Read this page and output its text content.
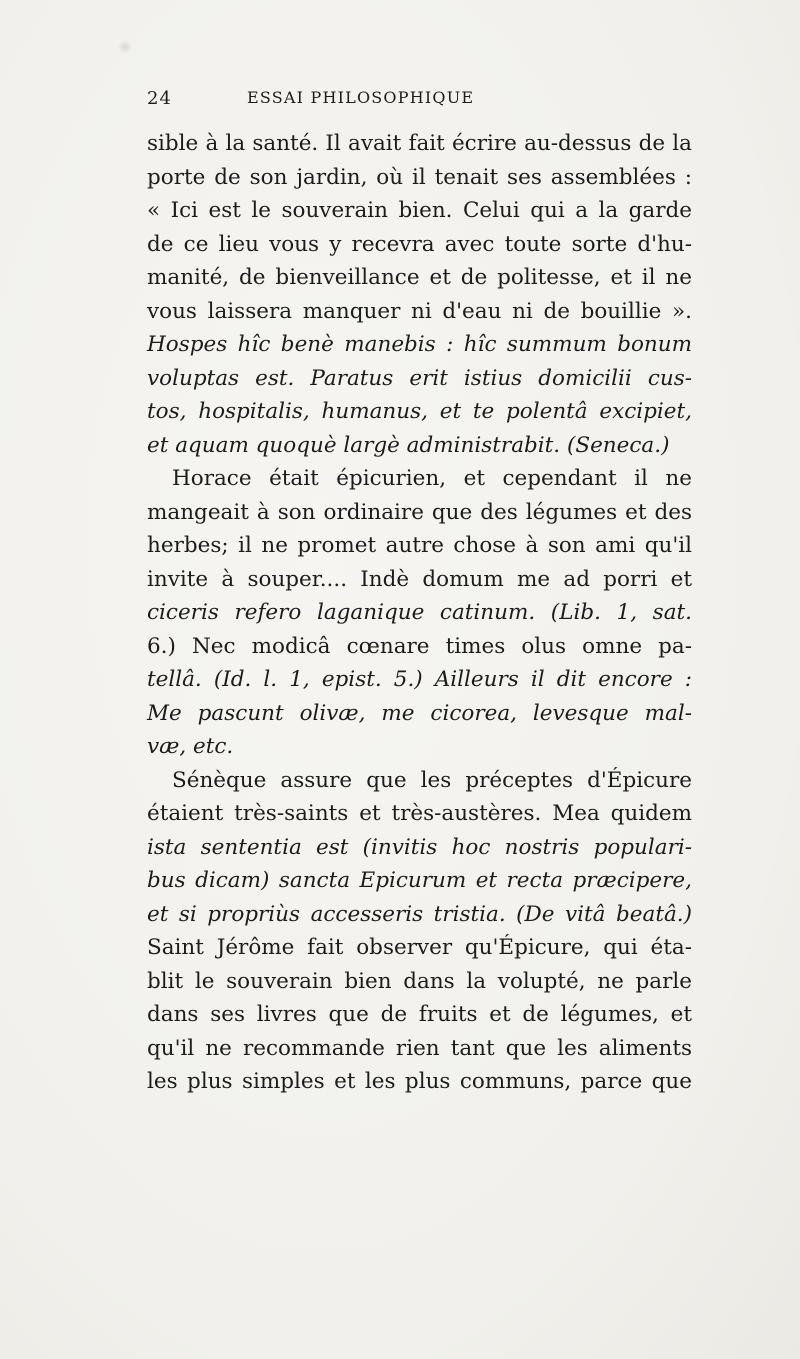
24	ESSAI PHILOSOPHIQUE
sible à la santé. Il avait fait écrire au-dessus de la
porte de son jardin, où il tenait ses assemblées :
« Ici est le souverain bien. Celui qui a la garde
de ce lieu vous y recevra avec toute sorte d'hu-
manité, de bienveillance et de politesse, et il ne
vous laissera manquer ni d'eau ni de bouillie ».
Hospes hîc benè manebis : hîc summum bonum
voluptas est. Paratus erit istius domicilii cus-
tos, hospitalis, humanus, et te polentâ excipiet,
et aquam quoquè largè administrabit. (Seneca.)
Horace était épicurien, et cependant il ne
mangeait à son ordinaire que des légumes et des
herbes; il ne promet autre chose à son ami qu'il
invite à souper.... Indè domum me ad porri et
ciceris refero laganique catinum. (Lib. 1, sat.
6.) Nec modicâ cœnare times olus omne pa-
tellâ. (Id. l. 1, epist. 5.) Ailleurs il dit encore :
Me pascunt olivæ, me cicorea, levesque mal-
væ, etc.
Sénèque assure que les préceptes d'Épicure
étaient très-saints et très-austères. Mea quidem
ista sententia est (invitis hoc nostris populari-
bus dicam) sancta Epicurum et recta præcipere,
et si propriùs accesseris tristia. (De vitâ beatâ.)
Saint Jérôme fait observer qu'Épicure, qui éta-
blit le souverain bien dans la volupté, ne parle
dans ses livres que de fruits et de légumes, et
qu'il ne recommande rien tant que les aliments
les plus simples et les plus communs, parce que
